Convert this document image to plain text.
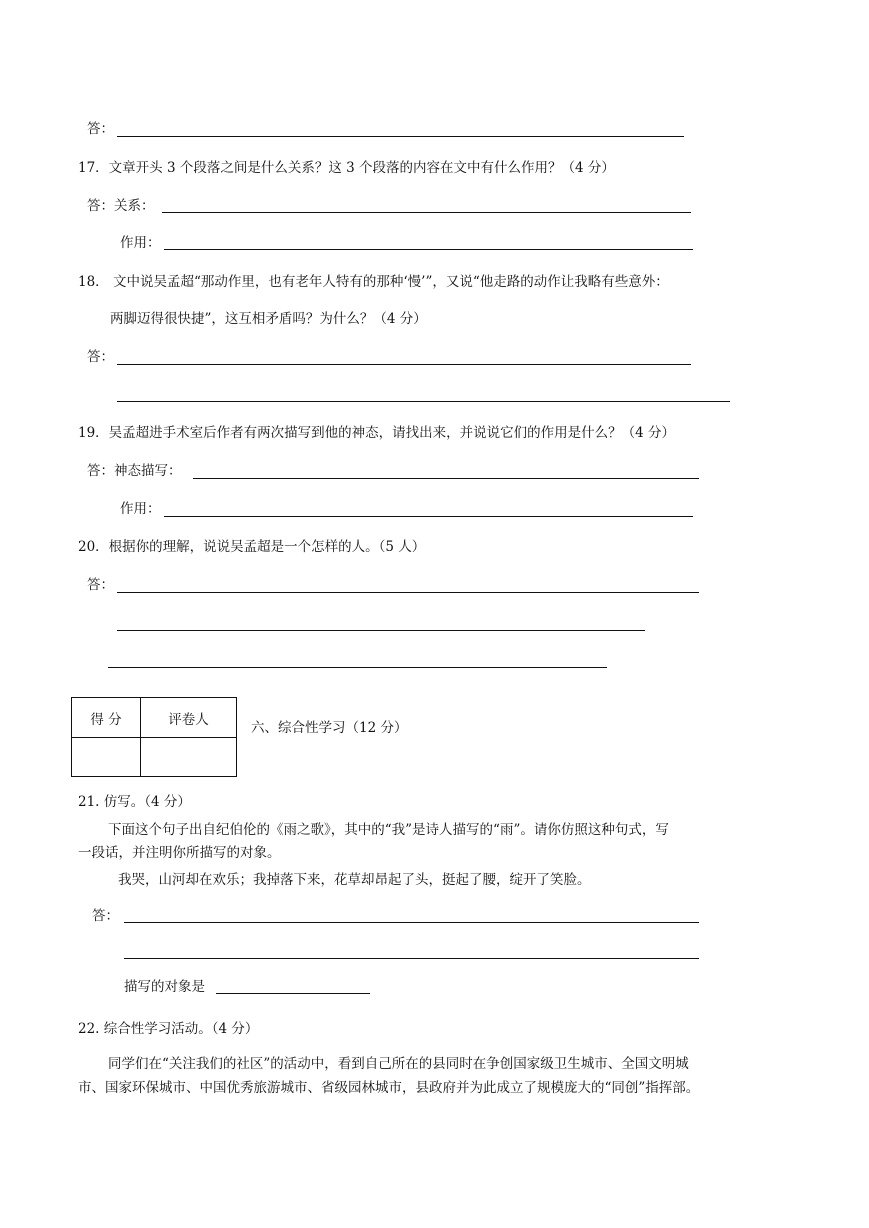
答：
17．文章开头 3 个段落之间是什么关系？这 3 个段落的内容在文中有什么作用？（4 分）
答：关系：
作用：
18． 文中说吴孟超“那动作里，也有老年人特有的那种‘慢’”，又说“他走路的动作让我略有些意外：
两脚迈得很快捷”，这互相矛盾吗？为什么？（4 分）
答：
19．吴孟超进手术室后作者有两次描写到他的神态，请找出来，并说说它们的作用是什么？（4 分）
答：神态描写：
作用：
20．根据你的理解，说说吴孟超是一个怎样的人。（5 人）
答：
得 分	评卷人

六、综合性学习（12 分）
21. 仿写。（4 分）
下面这个句子出自纪伯伦的《雨之歌》，其中的“我”是诗人描写的“雨”。请你仿照这种句式，写
一段话，并注明你所描写的对象。
我哭，山河却在欢乐；我掉落下来，花草却昂起了头，挺起了腰，绽开了笑脸。
答：
描写的对象是
22. 综合性学习活动。（4 分）
同学们在“关注我们的社区”的活动中，看到自己所在的县同时在争创国家级卫生城市、全国文明城
市、国家环保城市、中国优秀旅游城市、省级园林城市，县政府并为此成立了规模庞大的“同创”指挥部。
